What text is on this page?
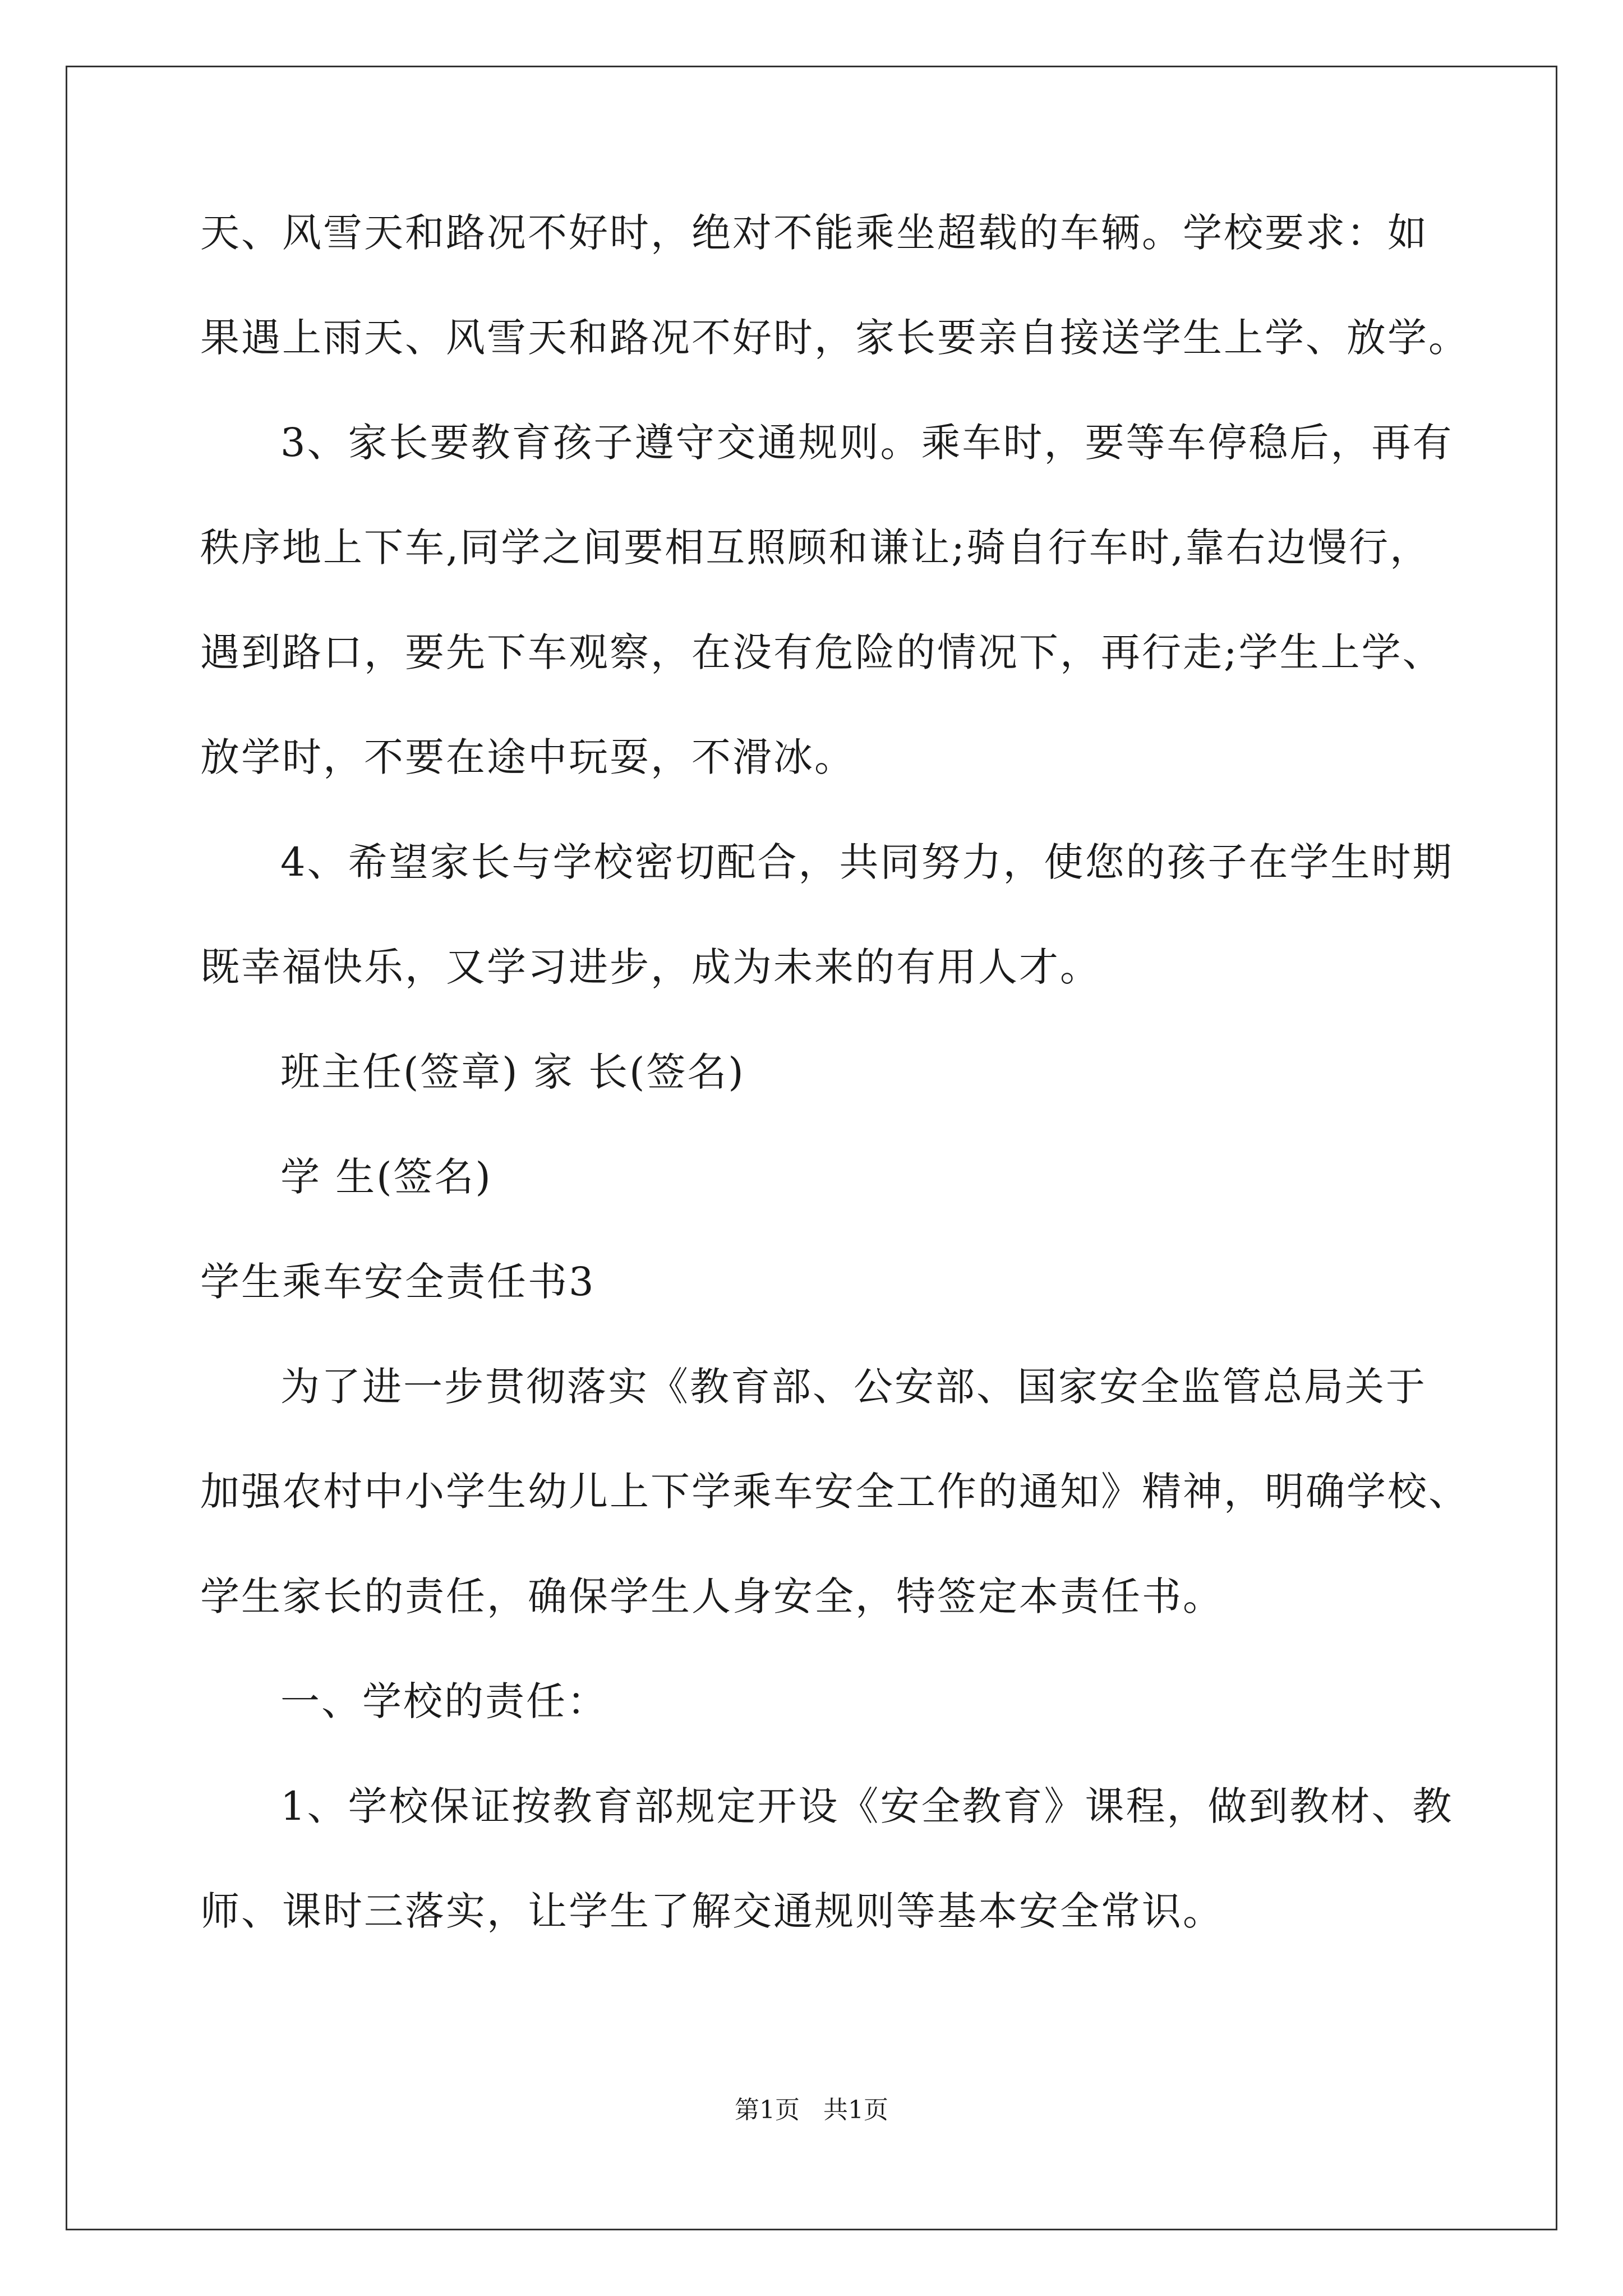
天、风雪天和路况不好时，绝对不能乘坐超载的车辆。学校要求：如
果遇上雨天、风雪天和路况不好时，家长要亲自接送学生上学、放学。
3、家长要教育孩子遵守交通规则。乘车时，要等车停稳后，再有
秩序地上下车,同学之间要相互照顾和谦让;骑自行车时,靠右边慢行，
遇到路口，要先下车观察，在没有危险的情况下，再行走;学生上学、
放学时，不要在途中玩耍，不滑冰。
4、希望家长与学校密切配合，共同努力，使您的孩子在学生时期
既幸福快乐，又学习进步，成为未来的有用人才。
班主任(签章) 家 长(签名)
学 生(签名)
学生乘车安全责任书3
为了进一步贯彻落实《教育部、公安部、国家安全监管总局关于
加强农村中小学生幼儿上下学乘车安全工作的通知》精神，明确学校、
学生家长的责任，确保学生人身安全，特签定本责任书。
一、学校的责任：
1、学校保证按教育部规定开设《安全教育》课程，做到教材、教
师、课时三落实，让学生了解交通规则等基本安全常识。
第1页 共1页
